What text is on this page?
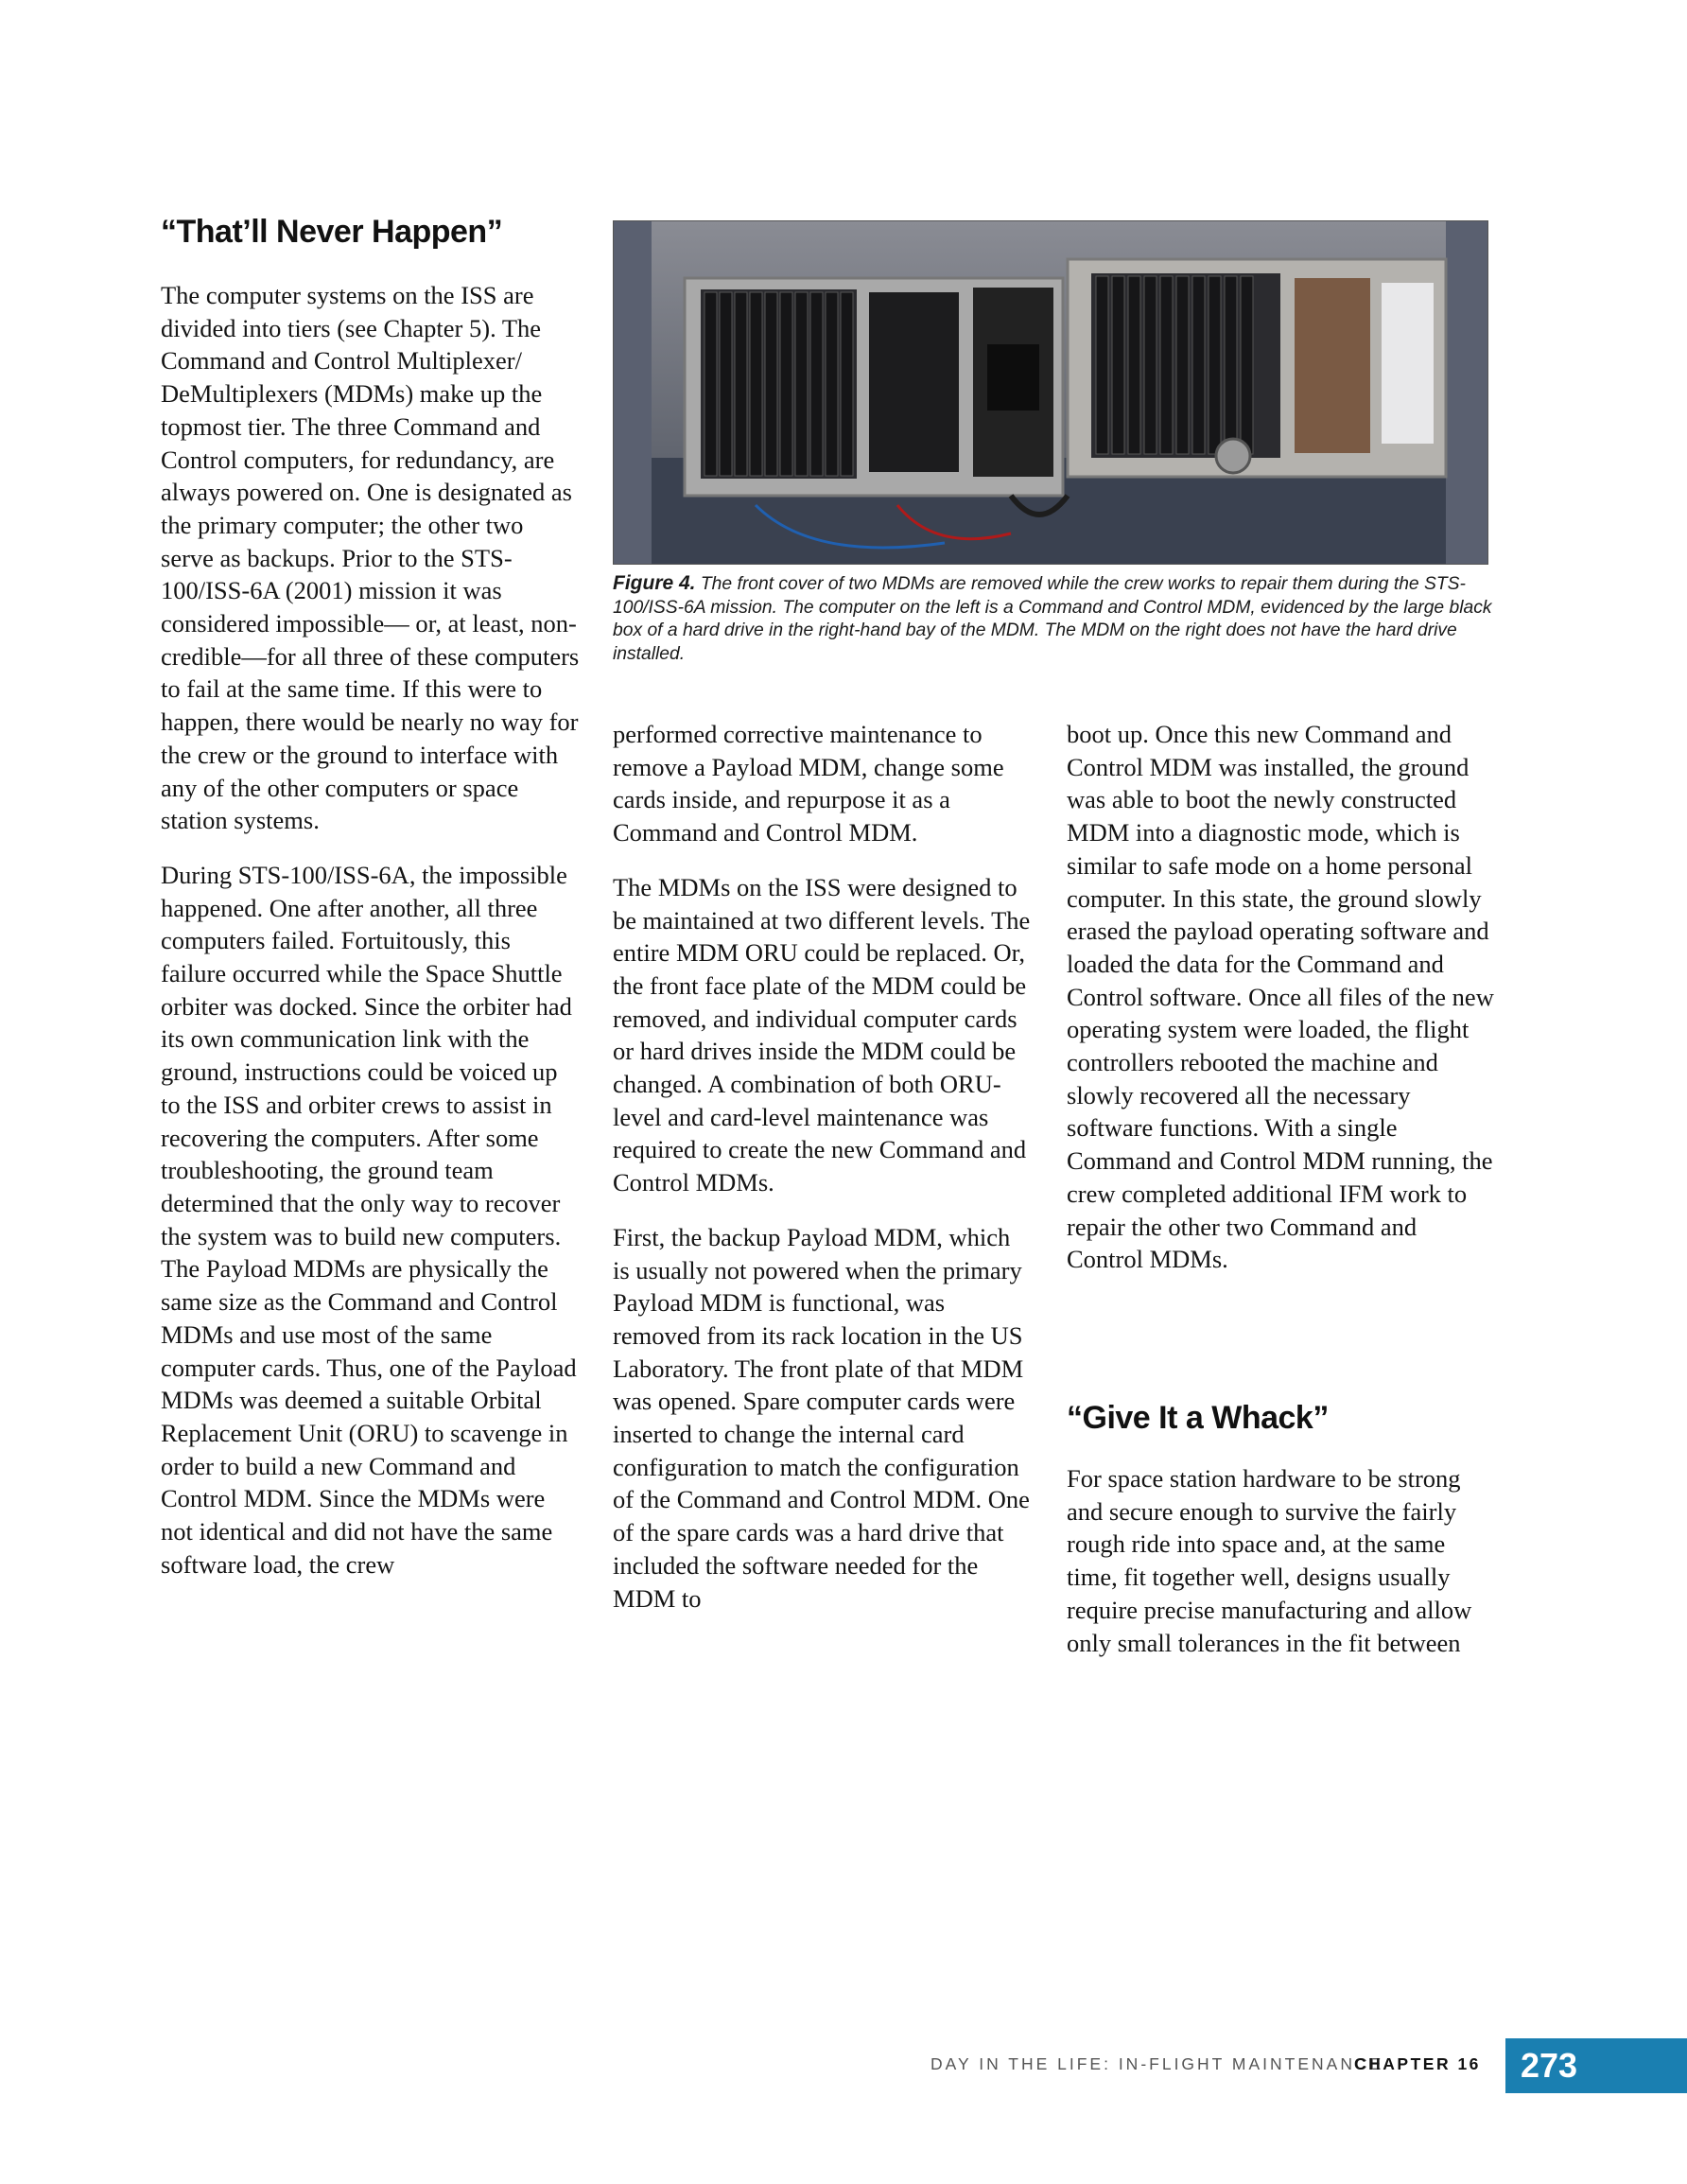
“That’ll Never Happen”

The computer systems on the ISS are divided into tiers (see Chapter 5). The Command and Control Multiplexer/ DeMultiplexers (MDMs) make up the topmost tier. The three Command and Control computers, for redundancy, are always powered on. One is designated as the primary computer; the other two serve as backups. Prior to the STS-100/ISS-6A (2001) mission it was considered impossible— or, at least, non-credible—for all three of these computers to fail at the same time. If this were to happen, there would be nearly no way for the crew or the ground to interface with any of the other computers or space station systems.

During STS-100/ISS-6A, the impossible happened. One after another, all three computers failed. Fortuitously, this failure occurred while the Space Shuttle orbiter was docked. Since the orbiter had its own communication link with the ground, instructions could be voiced up to the ISS and orbiter crews to assist in recovering the computers. After some troubleshooting, the ground team determined that the only way to recover the system was to build new computers. The Payload MDMs are physically the same size as the Command and Control MDMs and use most of the same computer cards. Thus, one of the Payload MDMs was deemed a suitable Orbital Replacement Unit (ORU) to scavenge in order to build a new Command and Control MDM. Since the MDMs were not identical and did not have the same software load, the crew

Figure 4. The front cover of two MDMs are removed while the crew works to repair them during the STS-100/ISS-6A mission. The computer on the left is a Command and Control MDM, evidenced by the large black box of a hard drive in the right-hand bay of the MDM. The MDM on the right does not have the hard drive installed.

performed corrective maintenance to remove a Payload MDM, change some cards inside, and repurpose it as a Command and Control MDM.

The MDMs on the ISS were designed to be maintained at two different levels. The entire MDM ORU could be replaced. Or, the front face plate of the MDM could be removed, and individual computer cards or hard drives inside the MDM could be changed. A combination of both ORU-level and card-level maintenance was required to create the new Command and Control MDMs.

First, the backup Payload MDM, which is usually not powered when the primary Payload MDM is functional, was removed from its rack location in the US Laboratory. The front plate of that MDM was opened. Spare computer cards were inserted to change the internal card configuration to match the configuration of the Command and Control MDM. One of the spare cards was a hard drive that included the software needed for the MDM to

boot up. Once this new Command and Control MDM was installed, the ground was able to boot the newly constructed MDM into a diagnostic mode, which is similar to safe mode on a home personal computer. In this state, the ground slowly erased the payload operating software and loaded the data for the Command and Control software. Once all files of the new operating system were loaded, the flight controllers rebooted the machine and slowly recovered all the necessary software functions. With a single Command and Control MDM running, the crew completed additional IFM work to repair the other two Command and Control MDMs.

“Give It a Whack”

For space station hardware to be strong and secure enough to survive the fairly rough ride into space and, at the same time, fit together well, designs usually require precise manufacturing and allow only small tolerances in the fit between

DAY IN THE LIFE: IN-FLIGHT MAINTENANCE
CHAPTER 16 273
